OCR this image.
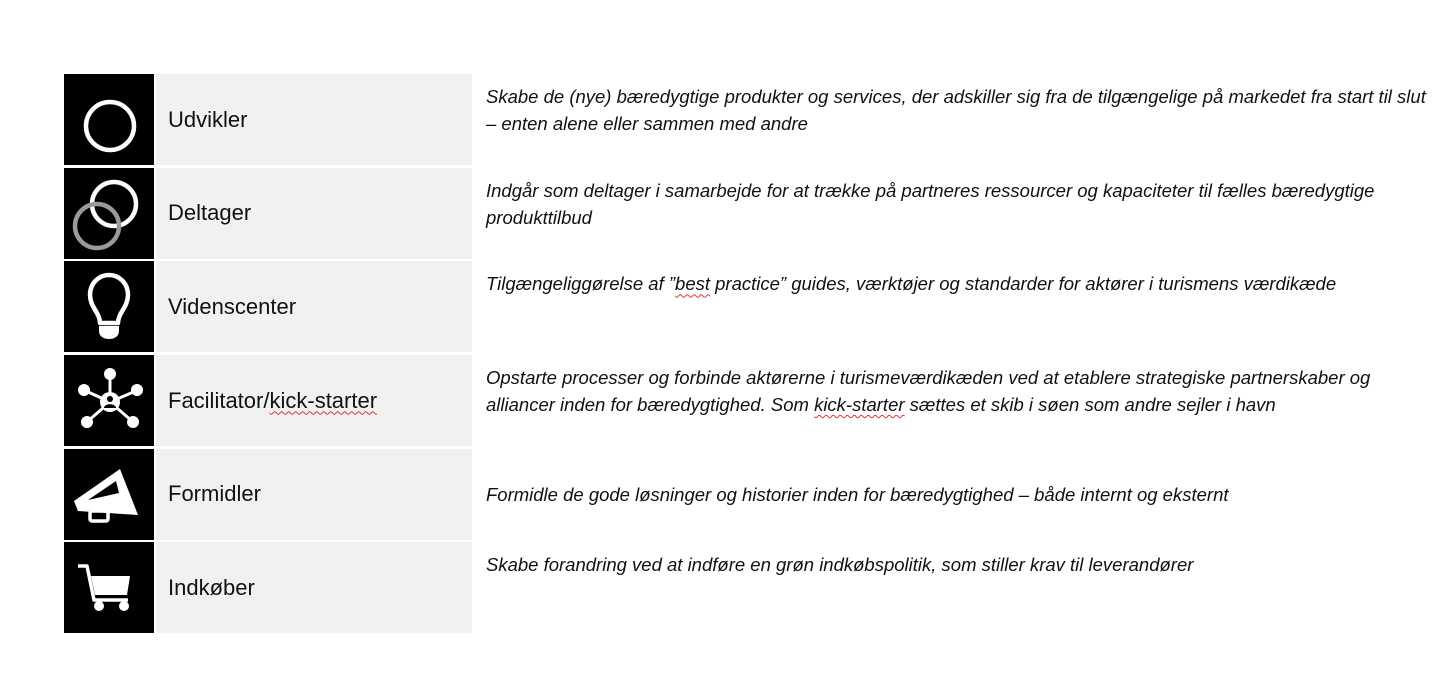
Udvikler
Skabe de (nye) bæredygtige produkter og services, der adskiller sig fra de tilgængelige på markedet fra start til slut – enten alene eller sammen med andre
Deltager
Indgår som deltager i samarbejde for at trække på partneres ressourcer og kapaciteter til fælles bæredygtige produkttilbud
Videnscenter
Tilgængeliggørelse af ”best practice” guides, værktøjer og standarder for aktører i turismens værdikæde
Facilitator/ kick-starter
Opstarte processer og forbinde aktørerne i turismeværdikæden ved at etablere strategiske partnerskaber og alliancer inden for bæredygtighed. Som kick-starter sættes et skib i søen som andre sejler i havn
Formidler	Formidle de gode løsninger og historier inden for bæredygtighed – både internt og eksternt
Indkøber
Skabe forandring ved at indføre en grøn indkøbspolitik, som stiller krav til leverandører
